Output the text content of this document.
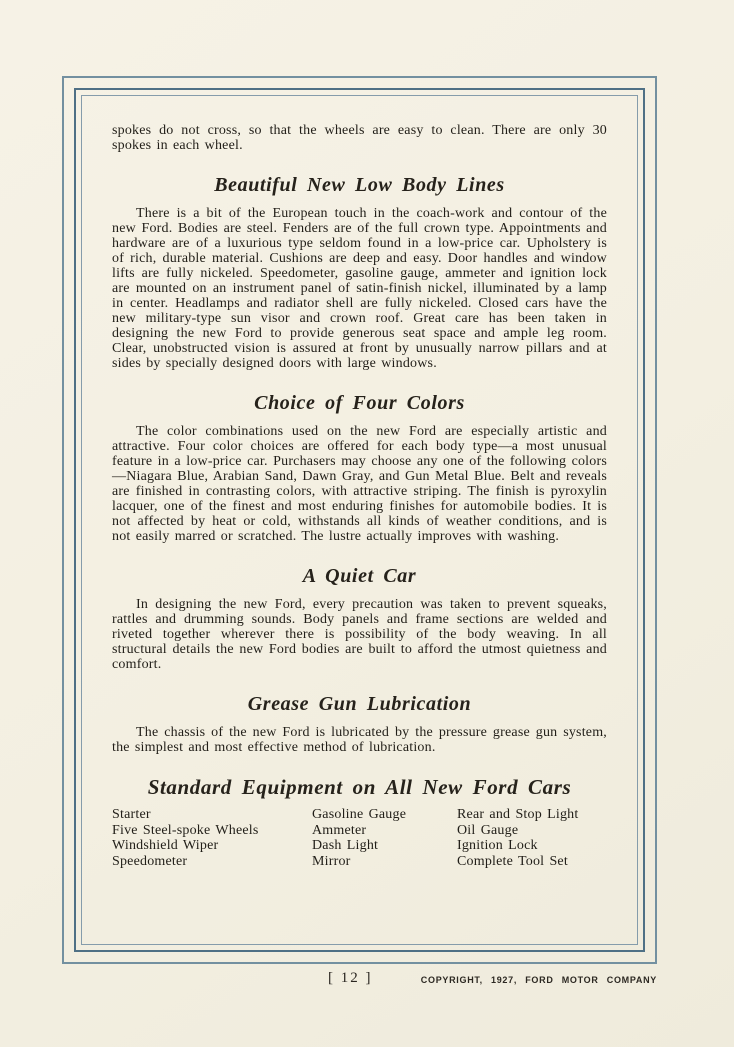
spokes do not cross, so that the wheels are easy to clean. There are only 30 spokes in each wheel.

Beautiful New Low Body Lines

There is a bit of the European touch in the coach-work and contour of the new Ford. Bodies are steel. Fenders are of the full crown type. Appointments and hardware are of a luxurious type seldom found in a low-price car. Upholstery is of rich, durable material. Cushions are deep and easy. Door handles and window lifts are fully nickeled. Speedometer, gasoline gauge, ammeter and ignition lock are mounted on an instrument panel of satin-finish nickel, illuminated by a lamp in center. Headlamps and radiator shell are fully nickeled. Closed cars have the new military-type sun visor and crown roof. Great care has been taken in designing the new Ford to provide generous seat space and ample leg room. Clear, unobstructed vision is assured at front by unusually narrow pillars and at sides by specially designed doors with large windows.

Choice of Four Colors

The color combinations used on the new Ford are especially artistic and attractive. Four color choices are offered for each body type—a most unusual feature in a low-price car. Purchasers may choose any one of the following colors—Niagara Blue, Arabian Sand, Dawn Gray, and Gun Metal Blue. Belt and reveals are finished in contrasting colors, with attractive striping. The finish is pyroxylin lacquer, one of the finest and most enduring finishes for automobile bodies. It is not affected by heat or cold, withstands all kinds of weather conditions, and is not easily marred or scratched. The lustre actually improves with washing.

A Quiet Car

In designing the new Ford, every precaution was taken to prevent squeaks, rattles and drumming sounds. Body panels and frame sections are welded and riveted together wherever there is possibility of the body weaving. In all structural details the new Ford bodies are built to afford the utmost quietness and comfort.

Grease Gun Lubrication

The chassis of the new Ford is lubricated by the pressure grease gun system, the simplest and most effective method of lubrication.

Standard Equipment on All New Ford Cars
Starter
Five Steel-spoke Wheels
Windshield Wiper
Speedometer
Gasoline Gauge
Ammeter
Dash Light
Mirror
Rear and Stop Light
Oil Gauge
Ignition Lock
Complete Tool Set
[ 12 ]	COPYRIGHT, 1927, FORD MOTOR COMPANY
